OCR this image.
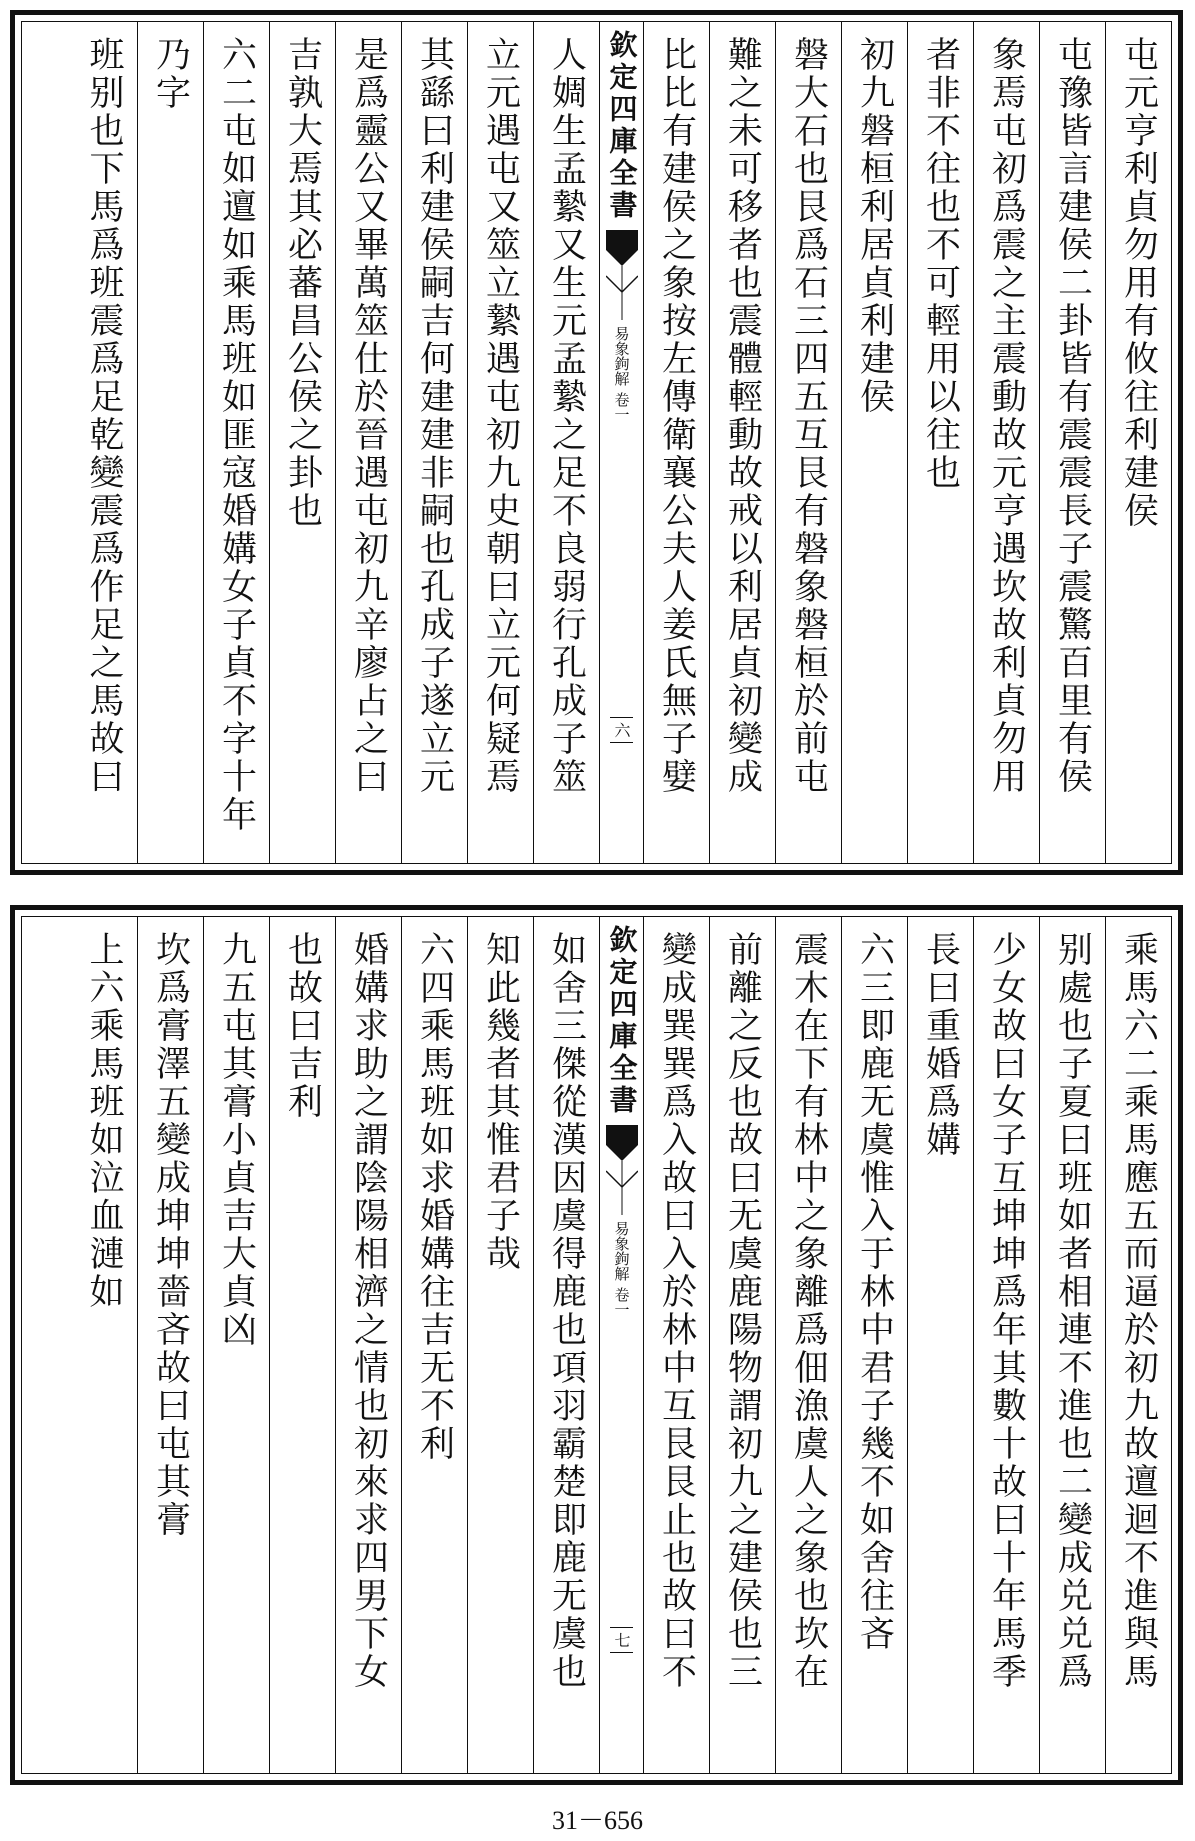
屯元亨利貞勿用有攸往利建侯
屯豫皆言建侯二卦皆有震震長子震驚百里有侯
象焉屯初爲震之主震動故元亨遇坎故利貞勿用
者非不往也不可輕用以往也
初九磐桓利居貞利建侯
磐大石也艮爲石三四五互艮有磐象磐桓於前屯
難之未可移者也震體輕動故戒以利居貞初變成
比比有建侯之象按左傳衛襄公夫人姜氏無子嬖
欽定四庫全書
易象鉤解
卷一
六
人婤生孟縶又生元孟縶之足不良弱行孔成子筮
立元遇屯又筮立縶遇屯初九史朝曰立元何疑焉
其繇曰利建侯嗣吉何建建非嗣也孔成子遂立元
是爲靈公又畢萬筮仕於晉遇屯初九辛廖占之曰
吉孰大焉其必蕃昌公侯之卦也
六二屯如邅如乘馬班如匪寇婚媾女子貞不字十年
乃字
班别也下馬爲班震爲足乾變震爲作足之馬故曰
乘馬六二乘馬應五而逼於初九故邅迴不進與馬
别處也子夏曰班如者相連不進也二變成兑兑爲
少女故曰女子互坤坤爲年其數十故曰十年馬季
長曰重婚爲媾
六三即鹿无虞惟入于林中君子幾不如舍往吝
震木在下有林中之象離爲佃漁虞人之象也坎在
前離之反也故曰无虞鹿陽物謂初九之建侯也三
變成巽巽爲入故曰入於林中互艮艮止也故曰不
欽定四庫全書
易象鉤解
卷一
七
如舍三傑從漢因虞得鹿也項羽霸楚即鹿无虞也
知此幾者其惟君子哉
六四乘馬班如求婚媾往吉无不利
婚媾求助之謂陰陽相濟之情也初來求四男下女
也故曰吉利
九五屯其膏小貞吉大貞凶
坎爲膏澤五變成坤坤嗇吝故曰屯其膏
上六乘馬班如泣血漣如
31－656
